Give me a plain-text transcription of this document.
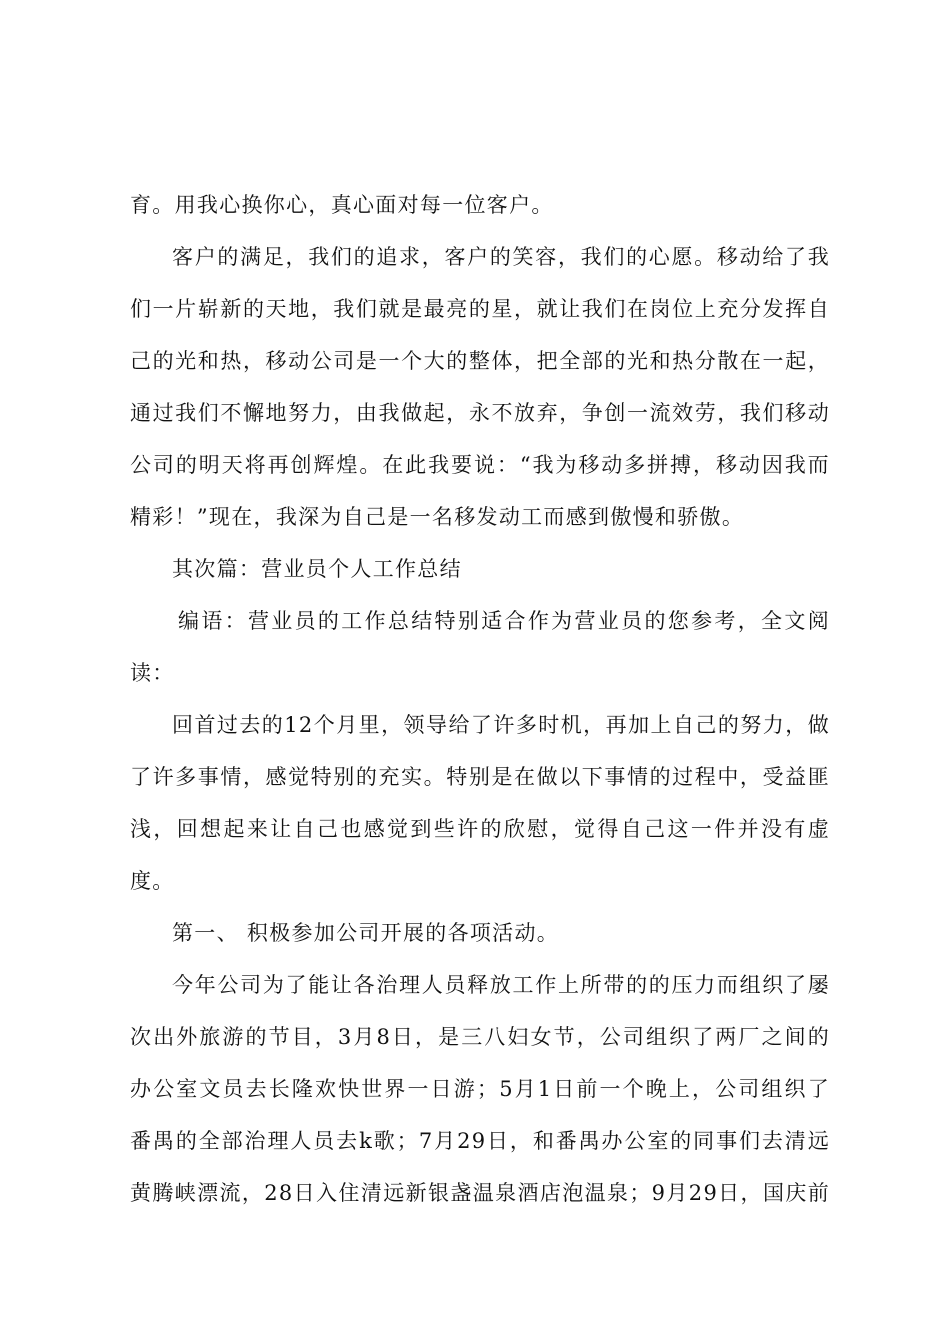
育。用我心换你心，真心面对每一位客户。
客户的满足，我们的追求，客户的笑容，我们的心愿。移动给了我
们一片崭新的天地，我们就是最亮的星，就让我们在岗位上充分发挥自
己的光和热，移动公司是一个大的整体，把全部的光和热分散在一起，
通过我们不懈地努力，由我做起，永不放弃，争创一流效劳，我们移动
公司的明天将再创辉煌。在此我要说：“我为移动多拼搏，移动因我而
精彩！”现在，我深为自己是一名移发动工而感到傲慢和骄傲。
其次篇：营业员个人工作总结
编语：营业员的工作总结特别适合作为营业员的您参考，全文阅
读：
回首过去的12个月里，领导给了许多时机，再加上自己的努力，做
了许多事情，感觉特别的充实。特别是在做以下事情的过程中，受益匪
浅，回想起来让自己也感觉到些许的欣慰，觉得自己这一件并没有虚
度。
第一、 积极参加公司开展的各项活动。
今年公司为了能让各治理人员释放工作上所带的的压力而组织了屡
次出外旅游的节目，3月8日，是三八妇女节，公司组织了两厂之间的
办公室文员去长隆欢快世界一日游；5月1日前一个晚上，公司组织了
番禺的全部治理人员去k歌；7月29日，和番禺办公室的同事们去清远
黄腾峡漂流，28日入住清远新银盏温泉酒店泡温泉；9月29日，国庆前
